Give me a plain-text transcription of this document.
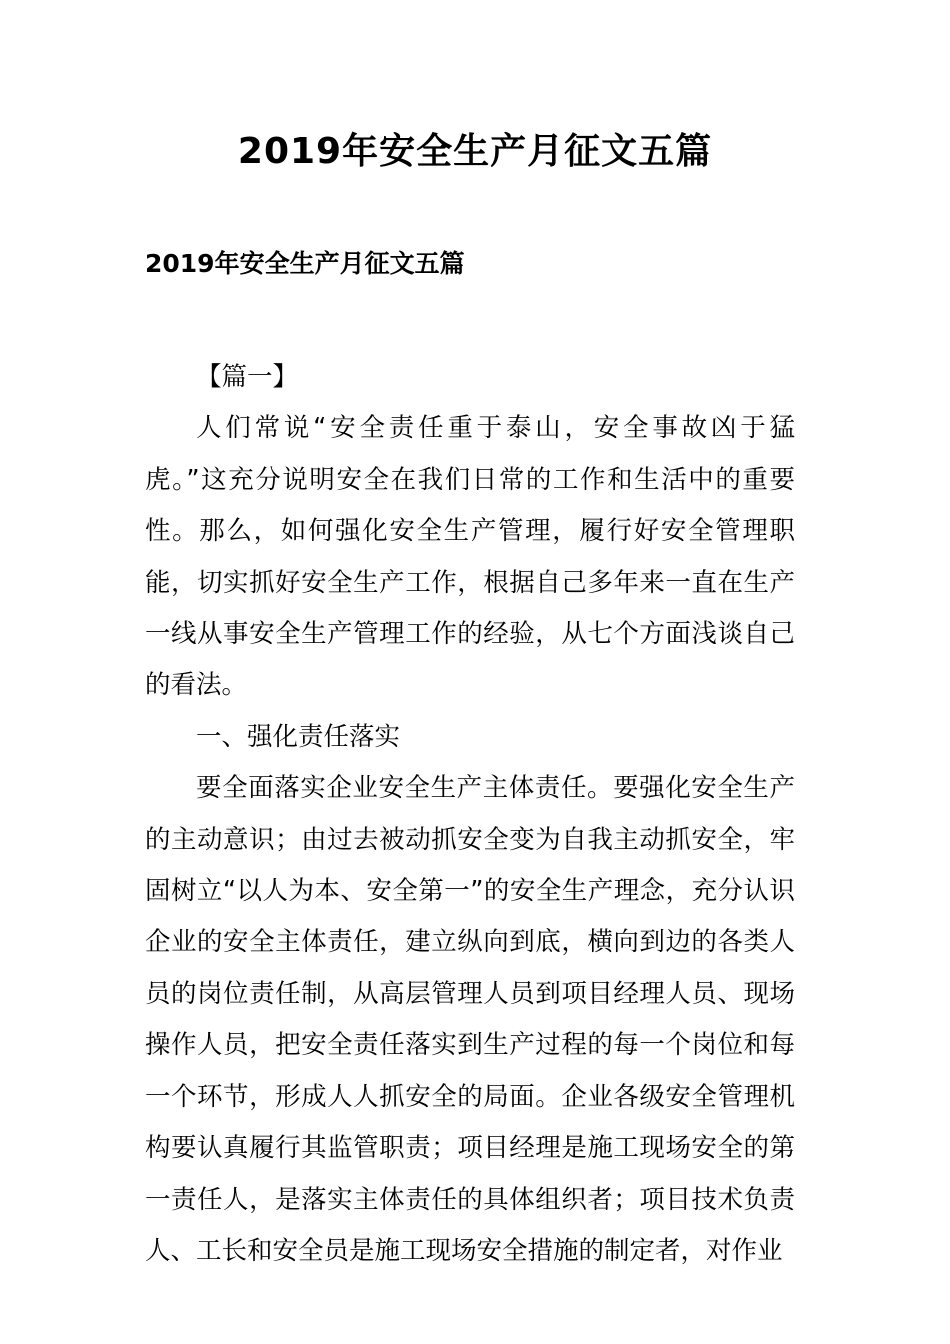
2019年安全生产月征文五篇
2019年安全生产月征文五篇

【篇一】

人们常说“安全责任重于泰山，安全事故凶于猛虎。”这充分说明安全在我们日常的工作和生活中的重要性。那么，如何强化安全生产管理，履行好安全管理职能，切实抓好安全生产工作，根据自己多年来一直在生产一线从事安全生产管理工作的经验，从七个方面浅谈自己的看法。

一、强化责任落实

要全面落实企业安全生产主体责任。要强化安全生产的主动意识；由过去被动抓安全变为自我主动抓安全，牢固树立“以人为本、安全第一”的安全生产理念，充分认识企业的安全主体责任，建立纵向到底，横向到边的各类人员的岗位责任制，从高层管理人员到项目经理人员、现场操作人员，把安全责任落实到生产过程的每一个岗位和每一个环节，形成人人抓安全的局面。企业各级安全管理机构要认真履行其监管职责；项目经理是施工现场安全的第一责任人，是落实主体责任的具体组织者；项目技术负责人、工长和安全员是施工现场安全措施的制定者，对作业
